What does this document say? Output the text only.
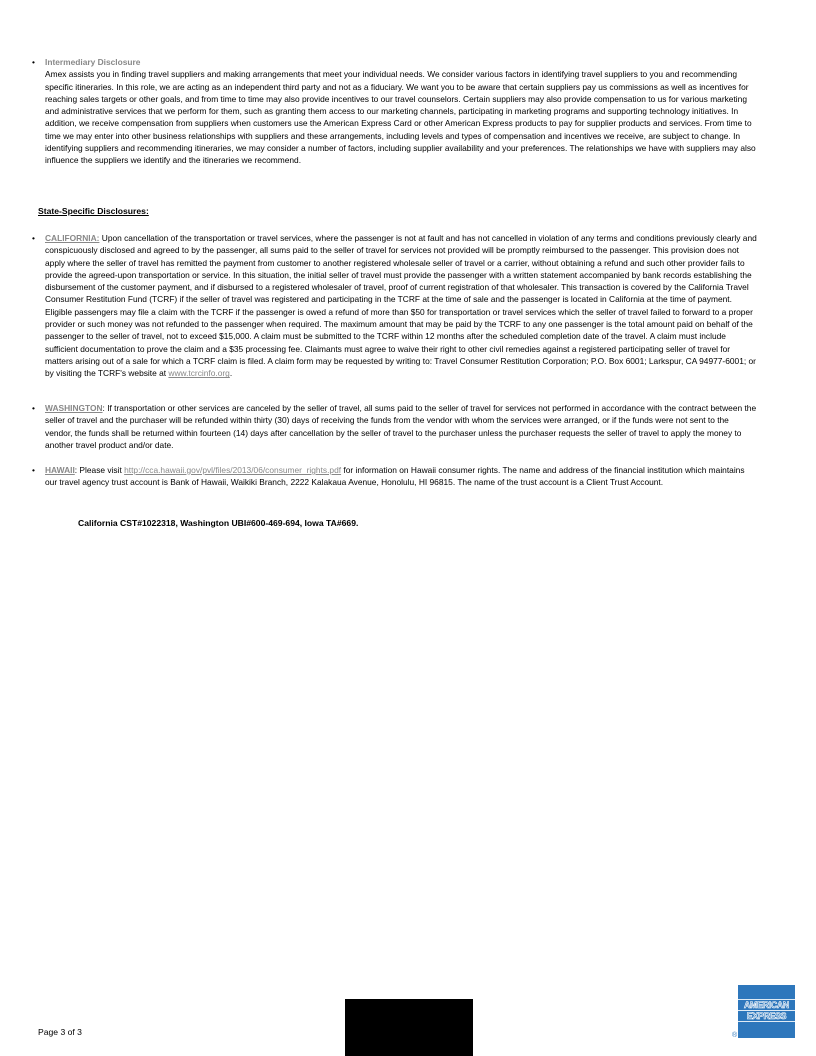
•	Intermediary Disclosure
Amex assists you in finding travel suppliers and making arrangements that meet your individual needs. We consider various factors in identifying travel suppliers to you and recommending specific itineraries. In this role, we are acting as an independent third party and not as a fiduciary. We want you to be aware that certain suppliers pay us commissions as well as incentives for reaching sales targets or other goals, and from time to time may also provide incentives to our travel counselors. Certain suppliers may also provide compensation to us for various marketing and administrative services that we perform for them, such as granting them access to our marketing channels, participating in marketing programs and supporting technology initiatives. In addition, we receive compensation from suppliers when customers use the American Express Card or other American Express products to pay for supplier products and services. From time to time we may enter into other business relationships with suppliers and these arrangements, including levels and types of compensation and incentives we receive, are subject to change. In identifying suppliers and recommending itineraries, we may consider a number of factors, including supplier availability and your preferences. The relationships we have with suppliers may also influence the suppliers we identify and the itineraries we recommend.
State-Specific Disclosures:
•	CALIFORNIA: Upon cancellation of the transportation or travel services, where the passenger is not at fault and has not cancelled in violation of any terms and conditions previously clearly and conspicuously disclosed and agreed to by the passenger, all sums paid to the seller of travel for services not provided will be promptly reimbursed to the passenger. This provision does not apply where the seller of travel has remitted the payment from customer to another registered wholesale seller of travel or a carrier, without obtaining a refund and such other provider fails to provide the agreed-upon transportation or service. In this situation, the initial seller of travel must provide the passenger with a written statement accompanied by bank records establishing the disbursement of the customer payment, and if disbursed to a registered wholesaler of travel, proof of current registration of that wholesaler. This transaction is covered by the California Travel Consumer Restitution Fund (TCRF) if the seller of travel was registered and participating in the TCRF at the time of sale and the passenger is located in California at the time of payment. Eligible passengers may file a claim with the TCRF if the passenger is owed a refund of more than $50 for transportation or travel services which the seller of travel failed to forward to a proper provider or such money was not refunded to the passenger when required. The maximum amount that may be paid by the TCRF to any one passenger is the total amount paid on behalf of the passenger to the seller of travel, not to exceed $15,000. A claim must be submitted to the TCRF within 12 months after the scheduled completion date of the travel. A claim must include sufficient documentation to prove the claim and a $35 processing fee. Claimants must agree to waive their right to other civil remedies against a registered participating seller of travel for matters arising out of a sale for which a TCRF claim is filed. A claim form may be requested by writing to: Travel Consumer Restitution Corporation; P.O. Box 6001; Larkspur, CA 94977-6001; or by visiting the TCRF's website at www.tcrcinfo.org.
•	WASHINGTON: If transportation or other services are canceled by the seller of travel, all sums paid to the seller of travel for services not performed in accordance with the contract between the seller of travel and the purchaser will be refunded within thirty (30) days of receiving the funds from the vendor with whom the services were arranged, or if the funds were not sent to the vendor, the funds shall be returned within fourteen (14) days after cancellation by the seller of travel to the purchaser unless the purchaser requests the seller of travel to apply the money to another travel product and/or date.
•	HAWAII: Please visit http://cca.hawaii.gov/pvl/files/2013/06/consumer_rights.pdf for information on Hawaii consumer rights. The name and address of the financial institution which maintains our travel agency trust account is Bank of Hawaii, Waikiki Branch, 2222 Kalakaua Avenue, Honolulu, HI 96815. The name of the trust account is a Client Trust Account.
California CST#1022318, Washington UBI#600-469-694, Iowa TA#669.
Page 3 of 3
AMERICAN
EXPRESS
®
